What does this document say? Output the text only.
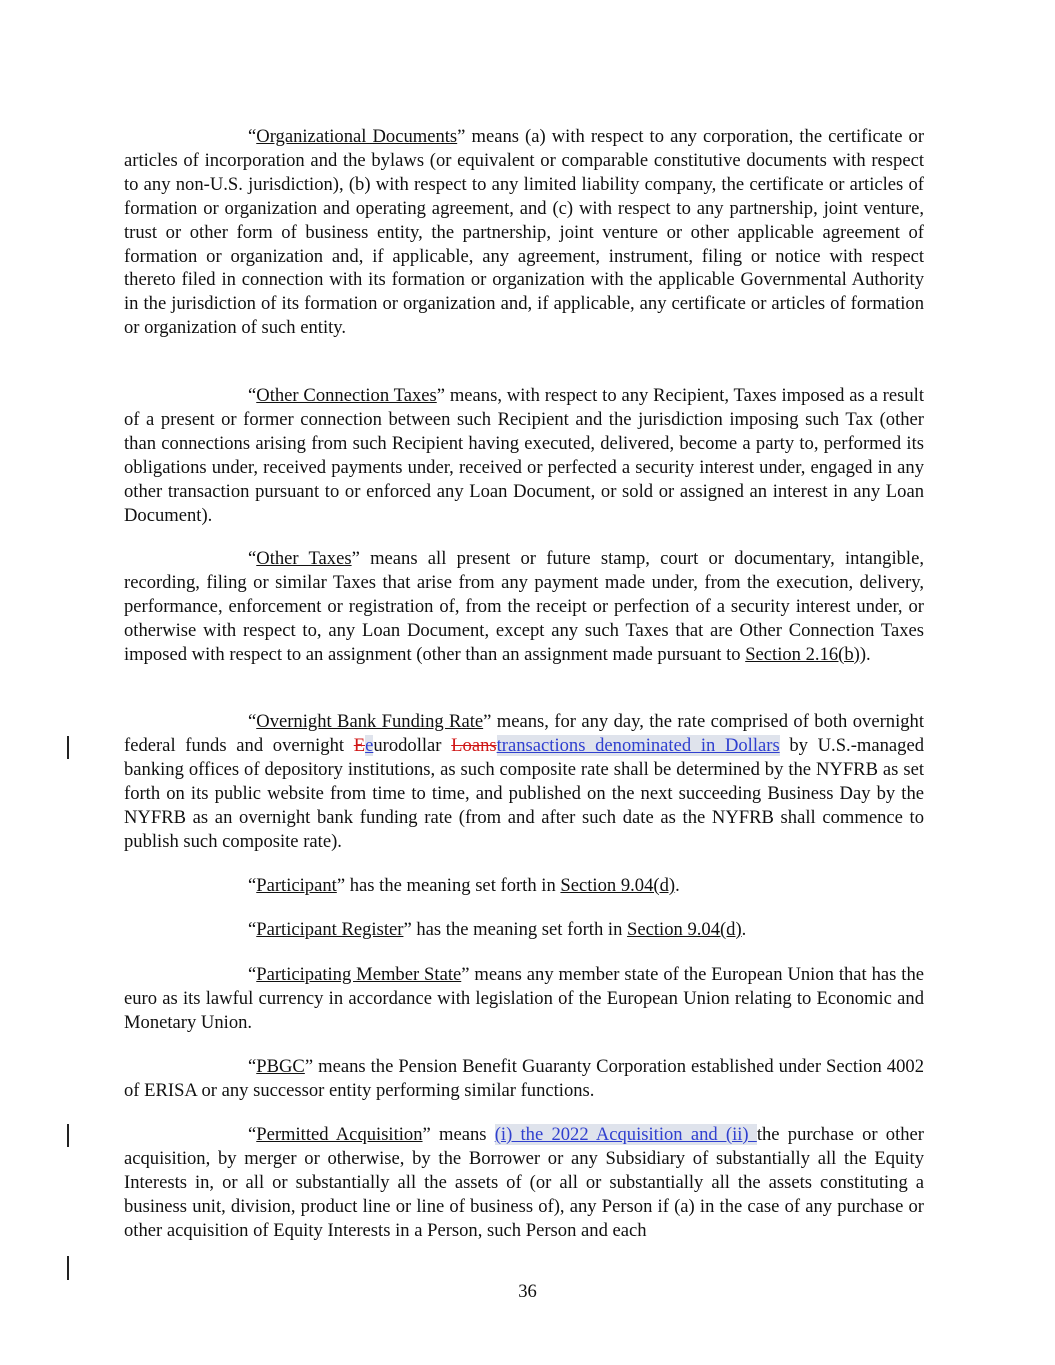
“Organizational Documents” means (a) with respect to any corporation, the certificate or articles of incorporation and the bylaws (or equivalent or comparable constitutive documents with respect to any non-U.S. jurisdiction), (b) with respect to any limited liability company, the certificate or articles of formation or organization and operating agreement, and (c) with respect to any partnership, joint venture, trust or other form of business entity, the partnership, joint venture or other applicable agreement of formation or organization and, if applicable, any agreement, instrument, filing or notice with respect thereto filed in connection with its formation or organization with the applicable Governmental Authority in the jurisdiction of its formation or organization and, if applicable, any certificate or articles of formation or organization of such entity.

“Other Connection Taxes” means, with respect to any Recipient, Taxes imposed as a result of a present or former connection between such Recipient and the jurisdiction imposing such Tax (other than connections arising from such Recipient having executed, delivered, become a party to, performed its obligations under, received payments under, received or perfected a security interest under, engaged in any other transaction pursuant to or enforced any Loan Document, or sold or assigned an interest in any Loan Document).

“Other Taxes” means all present or future stamp, court or documentary, intangible, recording, filing or similar Taxes that arise from any payment made under, from the execution, delivery, performance, enforcement or registration of, from the receipt or perfection of a security interest under, or otherwise with respect to, any Loan Document, except any such Taxes that are Other Connection Taxes imposed with respect to an assignment (other than an assignment made pursuant to Section 2.16(b)).

“Overnight Bank Funding Rate” means, for any day, the rate comprised of both overnight federal funds and overnight Eeurodollar Loanstransactions denominated in Dollars by U.S.-managed banking offices of depository institutions, as such composite rate shall be determined by the NYFRB as set forth on its public website from time to time, and published on the next succeeding Business Day by the NYFRB as an overnight bank funding rate (from and after such date as the NYFRB shall commence to publish such composite rate).

“Participant” has the meaning set forth in Section 9.04(d).

“Participant Register” has the meaning set forth in Section 9.04(d).

“Participating Member State” means any member state of the European Union that has the euro as its lawful currency in accordance with legislation of the European Union relating to Economic and Monetary Union.

“PBGC” means the Pension Benefit Guaranty Corporation established under Section 4002 of ERISA or any successor entity performing similar functions.

“Permitted Acquisition” means (i) the 2022 Acquisition and (ii) the purchase or other acquisition, by merger or otherwise, by the Borrower or any Subsidiary of substantially all the Equity Interests in, or all or substantially all the assets of (or all or substantially all the assets constituting a business unit, division, product line or line of business of), any Person if (a) in the case of any purchase or other acquisition of Equity Interests in a Person, such Person and each

36
